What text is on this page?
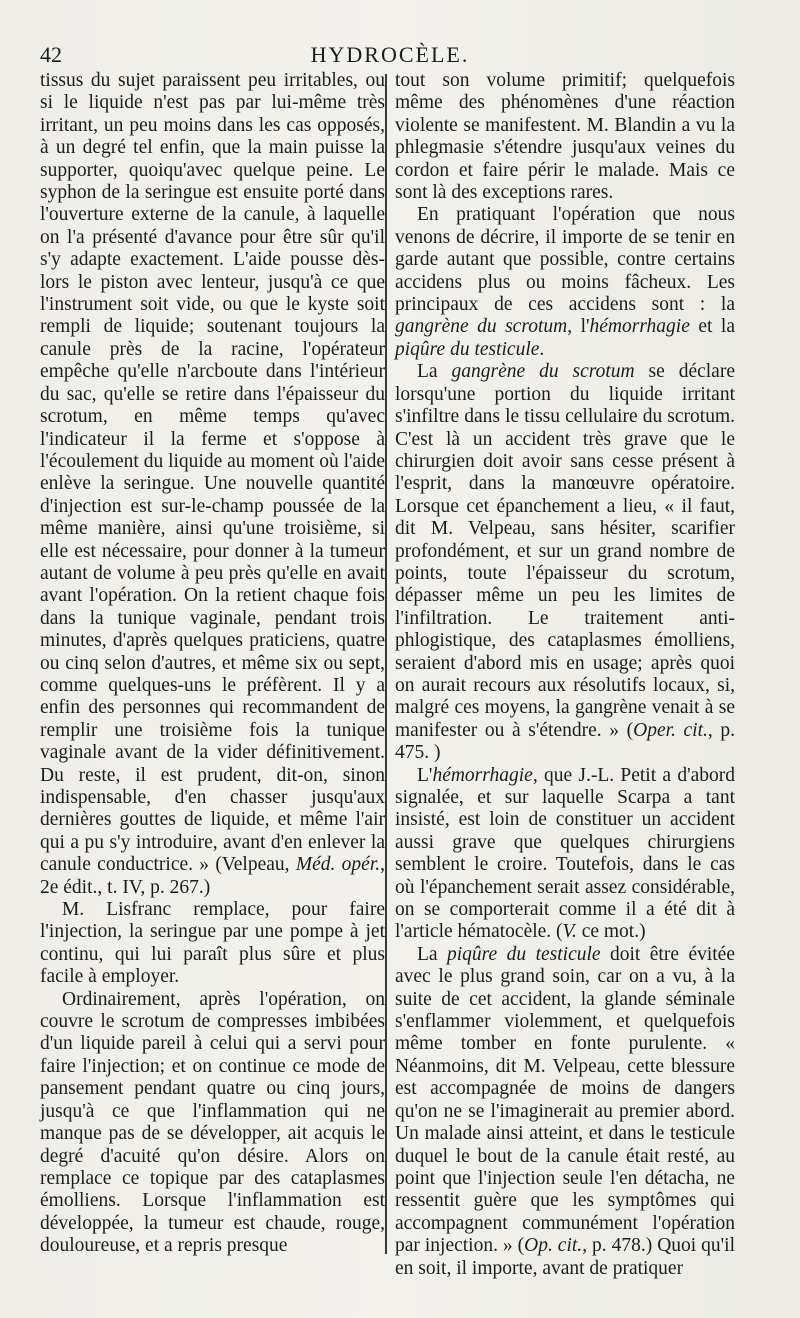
42	HYDROCÈLE.

tissus du sujet paraissent peu irritables, ou si le liquide n'est pas par lui-même très irritant, un peu moins dans les cas opposés, à un degré tel enfin, que la main puisse la supporter, quoiqu'avec quelque peine. Le syphon de la seringue est ensuite porté dans l'ouverture externe de la canule, à laquelle on l'a présenté d'avance pour être sûr qu'il s'y adapte exactement. L'aide pousse dès-lors le piston avec lenteur, jusqu'à ce que l'instrument soit vide, ou que le kyste soit rempli de liquide; soutenant toujours la canule près de la racine, l'opérateur empêche qu'elle n'arcboute dans l'intérieur du sac, qu'elle se retire dans l'épaisseur du scrotum, en même temps qu'avec l'indicateur il la ferme et s'oppose à l'écoulement du liquide au moment où l'aide enlève la seringue. Une nouvelle quantité d'injection est sur-le-champ poussée de la même manière, ainsi qu'une troisième, si elle est nécessaire, pour donner à la tumeur autant de volume à peu près qu'elle en avait avant l'opération. On la retient chaque fois dans la tunique vaginale, pendant trois minutes, d'après quelques praticiens, quatre ou cinq selon d'autres, et même six ou sept, comme quelques-uns le préfèrent. Il y a enfin des personnes qui recommandent de remplir une troisième fois la tunique vaginale avant de la vider définitivement. Du reste, il est prudent, dit-on, sinon indispensable, d'en chasser jusqu'aux dernières gouttes de liquide, et même l'air qui a pu s'y introduire, avant d'en enlever la canule conductrice. » (Velpeau, Méd. opér., 2e édit., t. IV, p. 267.)

M. Lisfranc remplace, pour faire l'injection, la seringue par une pompe à jet continu, qui lui paraît plus sûre et plus facile à employer.

Ordinairement, après l'opération, on couvre le scrotum de compresses imbibées d'un liquide pareil à celui qui a servi pour faire l'injection; et on continue ce mode de pansement pendant quatre ou cinq jours, jusqu'à ce que l'inflammation qui ne manque pas de se développer, ait acquis le degré d'acuité qu'on désire. Alors on remplace ce topique par des cataplasmes émolliens. Lorsque l'inflammation est développée, la tumeur est chaude, rouge, douloureuse, et a repris presque

tout son volume primitif; quelquefois même des phénomènes d'une réaction violente se manifestent. M. Blandin a vu la phlegmasie s'étendre jusqu'aux veines du cordon et faire périr le malade. Mais ce sont là des exceptions rares.

En pratiquant l'opération que nous venons de décrire, il importe de se tenir en garde autant que possible, contre certains accidens plus ou moins fâcheux. Les principaux de ces accidens sont : la gangrène du scrotum, l'hémorrhagie et la piqûre du testicule.

La gangrène du scrotum se déclare lorsqu'une portion du liquide irritant s'infiltre dans le tissu cellulaire du scrotum. C'est là un accident très grave que le chirurgien doit avoir sans cesse présent à l'esprit, dans la manœuvre opératoire. Lorsque cet épanchement a lieu, « il faut, dit M. Velpeau, sans hésiter, scarifier profondément, et sur un grand nombre de points, toute l'épaisseur du scrotum, dépasser même un peu les limites de l'infiltration. Le traitement anti-phlogistique, des cataplasmes émolliens, seraient d'abord mis en usage; après quoi on aurait recours aux résolutifs locaux, si, malgré ces moyens, la gangrène venait à se manifester ou à s'étendre. » (Oper. cit., p. 475. )

L'hémorrhagie, que J.-L. Petit a d'abord signalée, et sur laquelle Scarpa a tant insisté, est loin de constituer un accident aussi grave que quelques chirurgiens semblent le croire. Toutefois, dans le cas où l'épanchement serait assez considérable, on se comporterait comme il a été dit à l'article hématocèle. (V. ce mot.)

La piqûre du testicule doit être évitée avec le plus grand soin, car on a vu, à la suite de cet accident, la glande séminale s'enflammer violemment, et quelquefois même tomber en fonte purulente. « Néanmoins, dit M. Velpeau, cette blessure est accompagnée de moins de dangers qu'on ne se l'imaginerait au premier abord. Un malade ainsi atteint, et dans le testicule duquel le bout de la canule était resté, au point que l'injection seule l'en détacha, ne ressentit guère que les symptômes qui accompagnent communément l'opération par injection. » (Op. cit., p. 478.) Quoi qu'il en soit, il importe, avant de pratiquer
